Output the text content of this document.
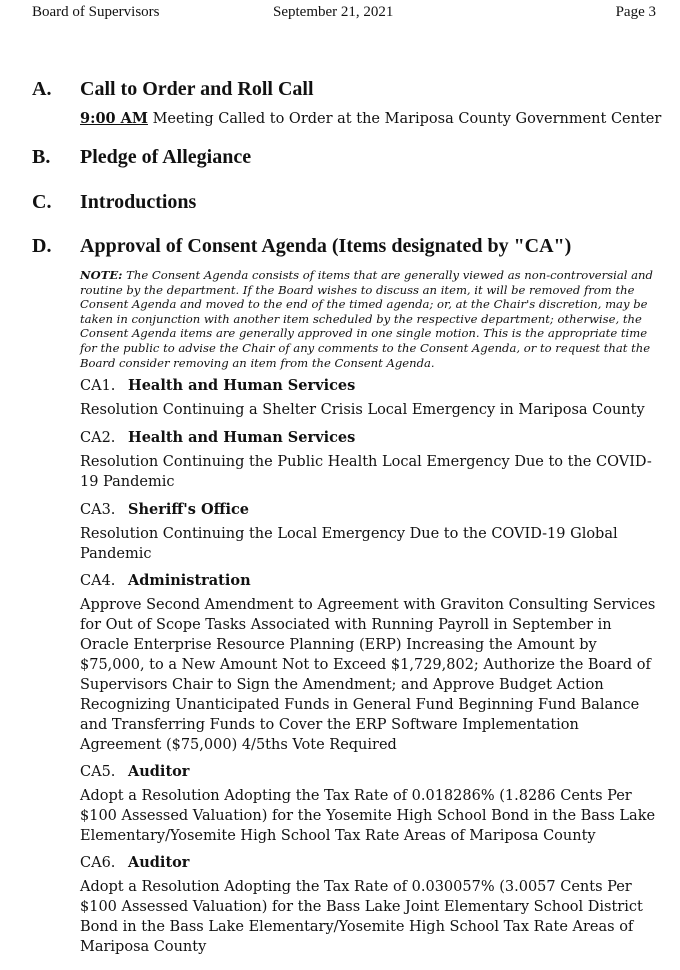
Board of Supervisors	September 21, 2021	Page 3
A. Call to Order and Roll Call
9:00 AM Meeting Called to Order at the Mariposa County Government Center
B. Pledge of Allegiance
C. Introductions
D. Approval of Consent Agenda (Items designated by "CA")
NOTE: The Consent Agenda consists of items that are generally viewed as non-controversial and routine by the department. If the Board wishes to discuss an item, it will be removed from the Consent Agenda and moved to the end of the timed agenda; or, at the Chair's discretion, may be taken in conjunction with another item scheduled by the respective department; otherwise, the Consent Agenda items are generally approved in one single motion. This is the appropriate time for the public to advise the Chair of any comments to the Consent Agenda, or to request that the Board consider removing an item from the Consent Agenda.
CA1. Health and Human Services
Resolution Continuing a Shelter Crisis Local Emergency in Mariposa County
CA2. Health and Human Services
Resolution Continuing the Public Health Local Emergency Due to the COVID-19 Pandemic
CA3. Sheriff's Office
Resolution Continuing the Local Emergency Due to the COVID-19 Global Pandemic
CA4. Administration
Approve Second Amendment to Agreement with Graviton Consulting Services for Out of Scope Tasks Associated with Running Payroll in September in Oracle Enterprise Resource Planning (ERP) Increasing the Amount by $75,000, to a New Amount Not to Exceed $1,729,802; Authorize the Board of Supervisors Chair to Sign the Amendment; and Approve Budget Action Recognizing Unanticipated Funds in General Fund Beginning Fund Balance and Transferring Funds to Cover the ERP Software Implementation Agreement ($75,000) 4/5ths Vote Required
CA5. Auditor
Adopt a Resolution Adopting the Tax Rate of 0.018286% (1.8286 Cents Per $100 Assessed Valuation) for the Yosemite High School Bond in the Bass Lake Elementary/Yosemite High School Tax Rate Areas of Mariposa County
CA6. Auditor
Adopt a Resolution Adopting the Tax Rate of 0.030057% (3.0057 Cents Per $100 Assessed Valuation) for the Bass Lake Joint Elementary School District Bond in the Bass Lake Elementary/Yosemite High School Tax Rate Areas of Mariposa County
